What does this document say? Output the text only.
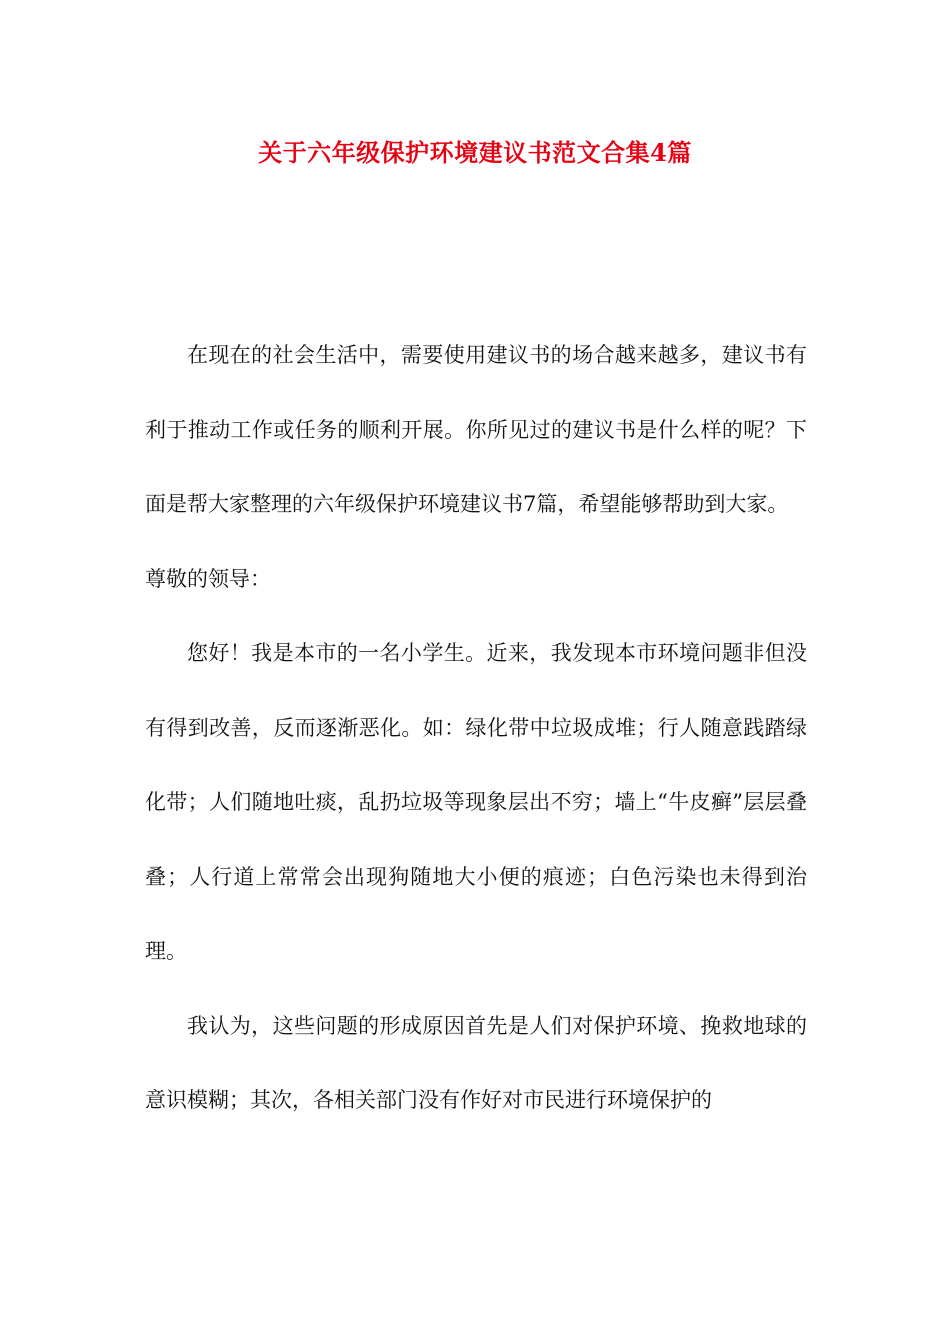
关于六年级保护环境建议书范文合集4篇

在现在的社会生活中，需要使用建议书的场合越来越多，建议书有利于推动工作或任务的顺利开展。你所见过的建议书是什么样的呢？下面是帮大家整理的六年级保护环境建议书7篇，希望能够帮助到大家。

尊敬的领导：

您好！我是本市的一名小学生。近来，我发现本市环境问题非但没有得到改善，反而逐渐恶化。如：绿化带中垃圾成堆；行人随意践踏绿化带；人们随地吐痰，乱扔垃圾等现象层出不穷；墙上“牛皮癣”层层叠叠；人行道上常常会出现狗随地大小便的痕迹；白色污染也未得到治理。

我认为，这些问题的形成原因首先是人们对保护环境、挽救地球的意识模糊；其次，各相关部门没有作好对市民进行环境保护的
